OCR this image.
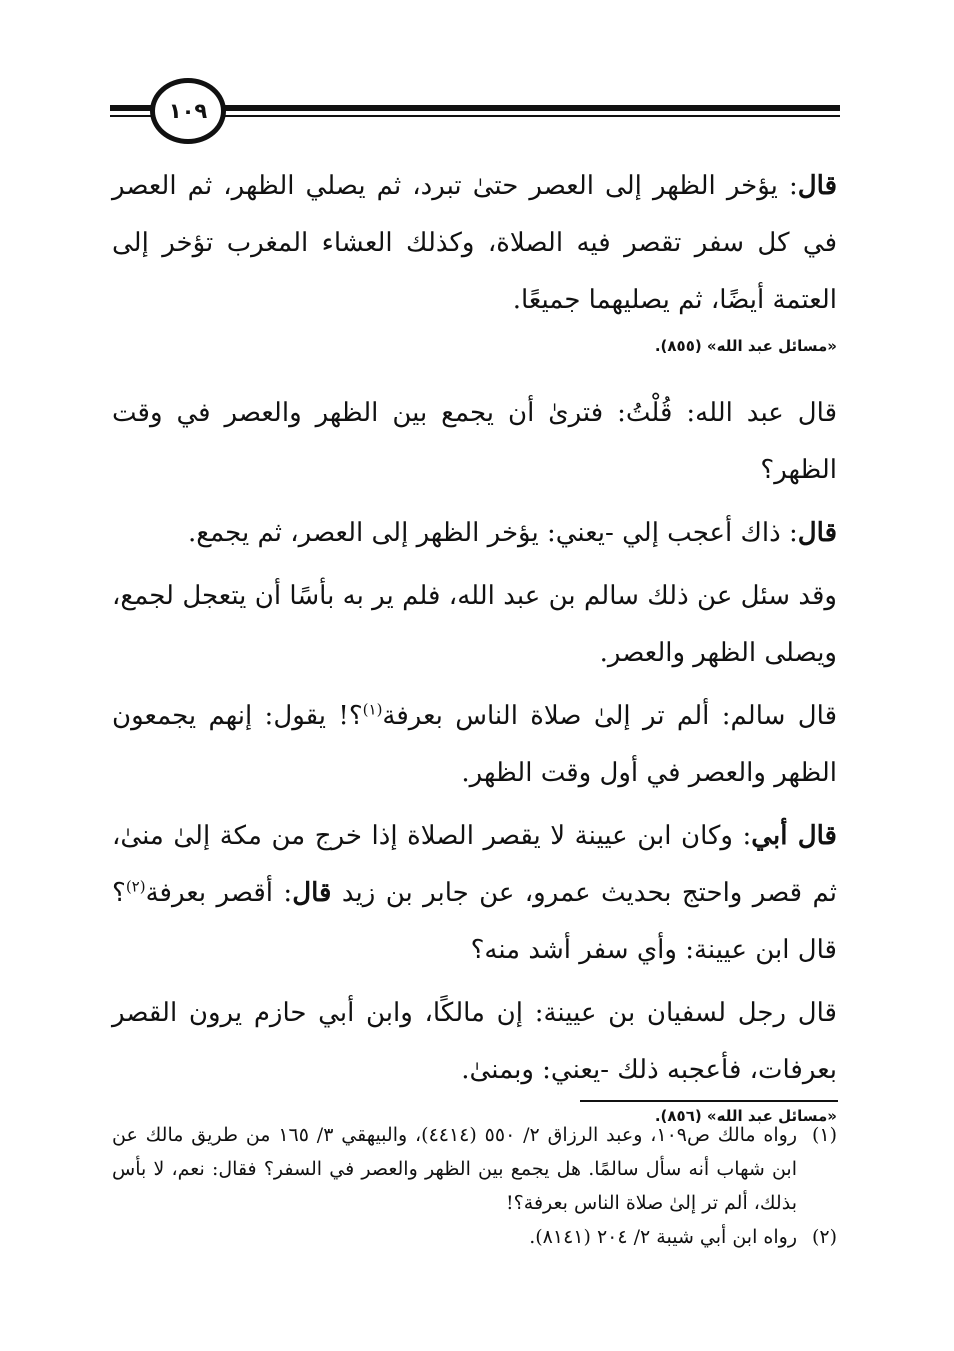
١٠٩

قال: يؤخر الظهر إلى العصر حتىٰ تبرد، ثم يصلي الظهر، ثم العصر في كل سفر تقصر فيه الصلاة، وكذلك العشاء المغرب تؤخر إلى العتمة أيضًا، ثم يصليهما جميعًا.

«مسائل عبد الله» (٨٥٥).

قال عبد الله: قُلْتُ: فترىٰ أن يجمع بين الظهر والعصر في وقت الظهر؟

قال: ذاك أعجب إلي -يعني: يؤخر الظهر إلى العصر، ثم يجمع.

وقد سئل عن ذلك سالم بن عبد الله، فلم ير به بأسًا أن يتعجل لجمع، ويصلى الظهر والعصر.

قال سالم: ألم تر إلىٰ صلاة الناس بعرفة$^{(١)}$؟! يقول: إنهم يجمعون الظهر والعصر في أول وقت الظهر.

قال أبي: وكان ابن عيينة لا يقصر الصلاة إذا خرج من مكة إلىٰ منىٰ، ثم قصر واحتج بحديث عمرو، عن جابر بن زيد قال: أقصر بعرفة$^{(٢)}$؟ قال ابن عيينة: وأي سفر أشد منه؟

قال رجل لسفيان بن عيينة: إن مالكًا، وابن أبي حازم يرون القصر بعرفات، فأعجبه ذلك -يعني: وبمنىٰ.

«مسائل عبد الله» (٨٥٦).
(١)
رواه مالك ص١٠٩، وعبد الرزاق ٢/ ٥٥٠ (٤٤١٤)، والبيهقي ٣/ ١٦٥ من طريق مالك عن ابن شهاب أنه سأل سالمًا. هل يجمع بين الظهر والعصر في السفر؟ فقال: نعم، لا بأس بذلك، ألم تر إلىٰ صلاة الناس بعرفة؟!
(٢)
رواه ابن أبي شيبة ٢/ ٢٠٤ (٨١٤١).
